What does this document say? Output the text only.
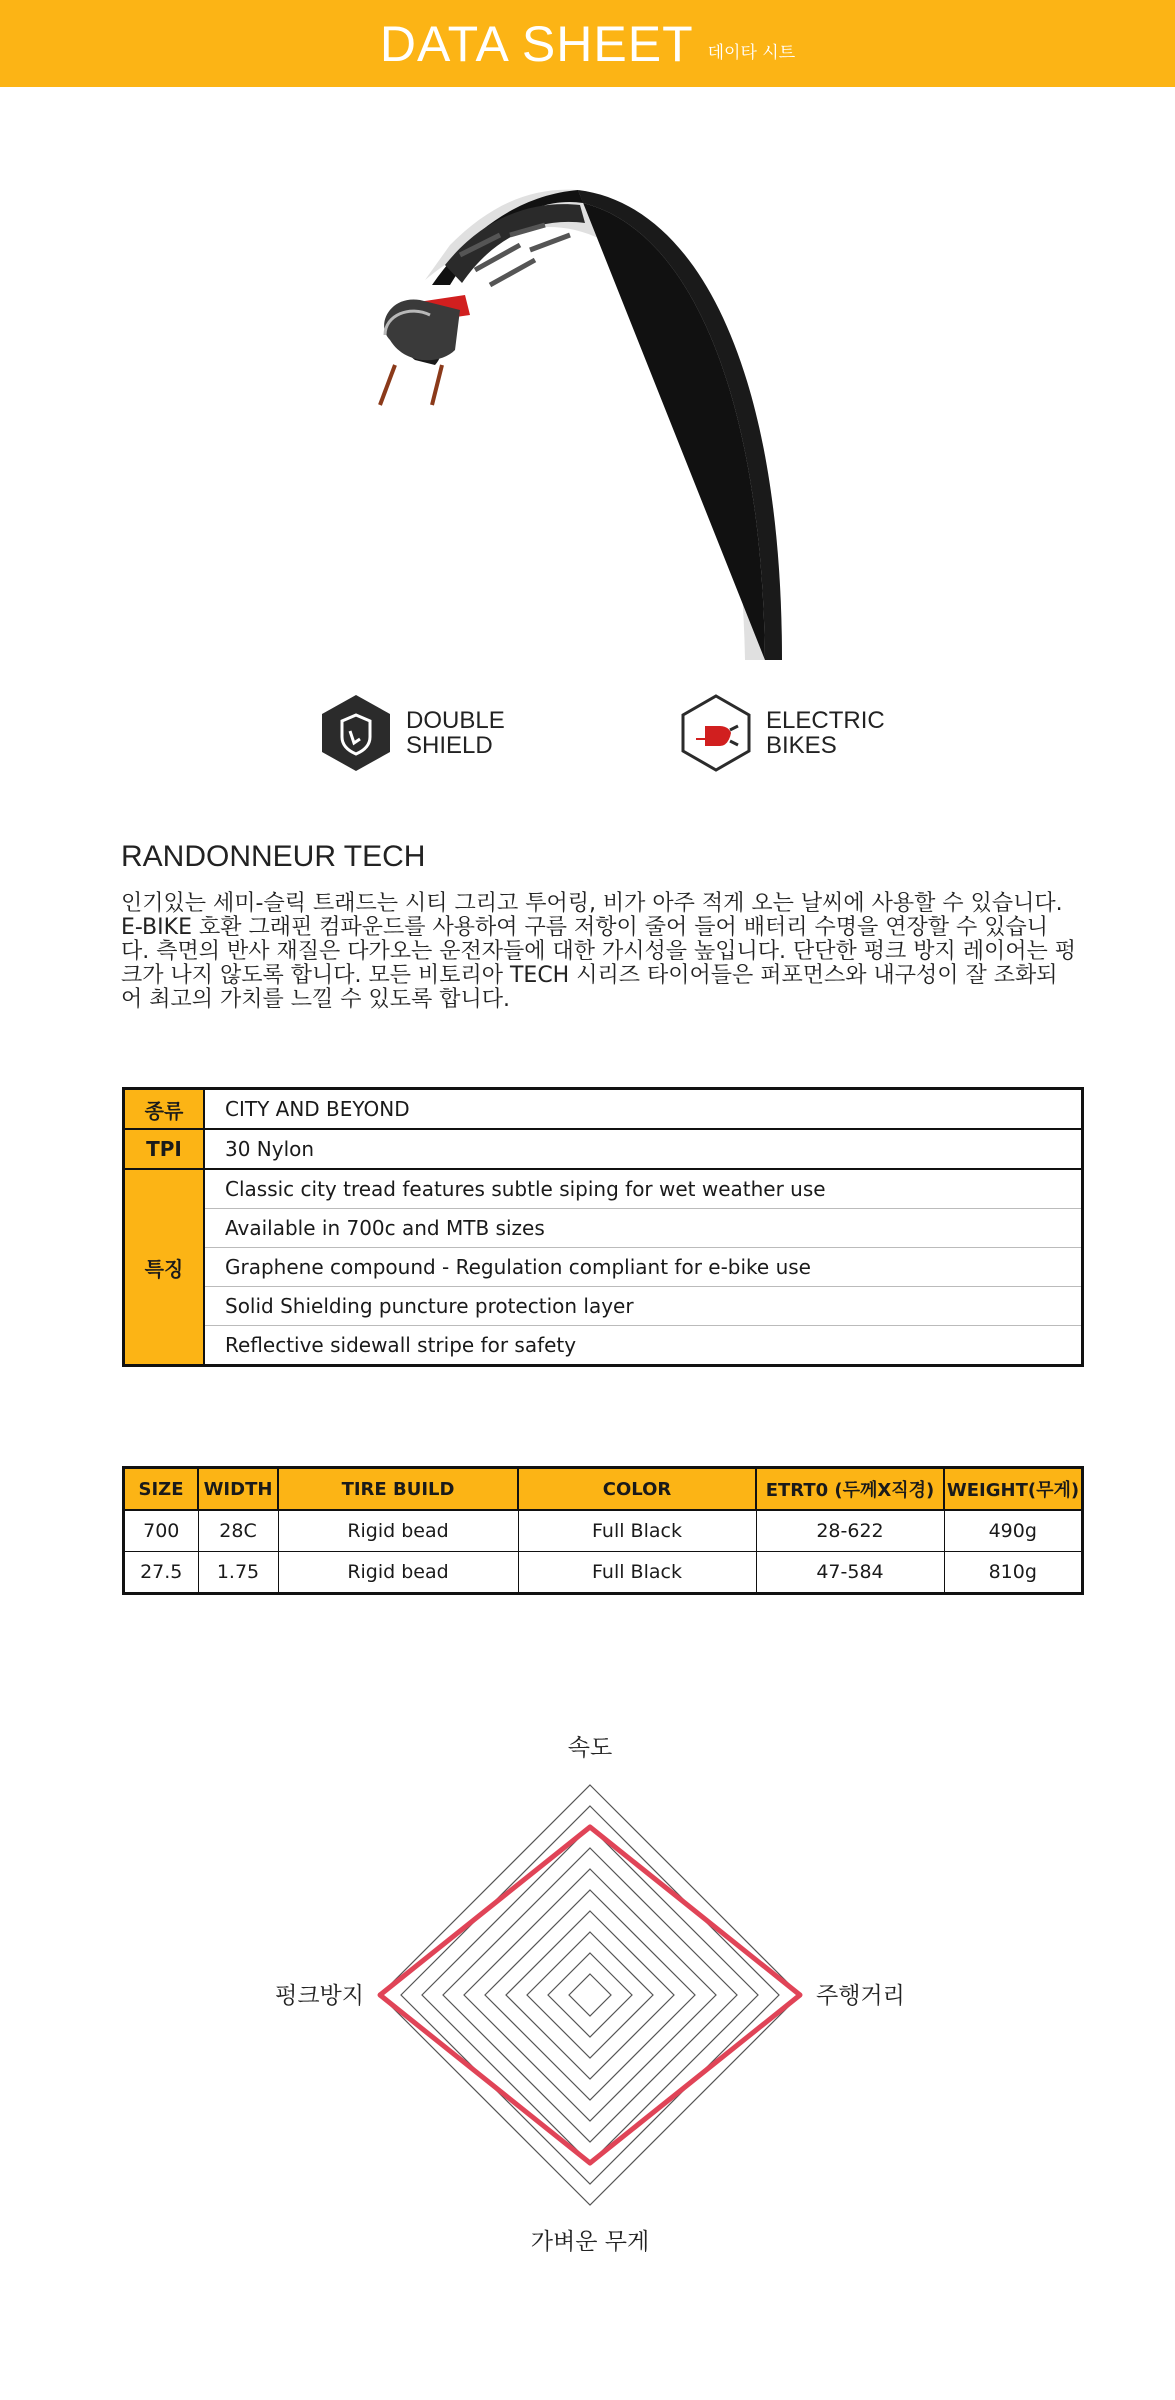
DATA SHEET 데이타 시트
DOUBLE
SHIELD
ELECTRIC
BIKES
RANDONNEUR TECH
인기있는 세미-슬릭 트래드는 시티 그리고 투어링, 비가 아주 적게 오는 날씨에 사용할 수 있습니다. E-BIKE 호환 그래핀 컴파운드를 사용하여 구름 저항이 줄어 들어 배터리 수명을 연장할 수 있습니다. 측면의 반사 재질은 다가오는 운전자들에 대한 가시성을 높입니다. 단단한 펑크 방지 레이어는 펑크가 나지 않도록 합니다. 모든 비토리아 TECH 시리즈 타이어들은 퍼포먼스와 내구성이 잘 조화되어 최고의 가치를 느낄 수 있도록 합니다.
종류	CITY AND BEYOND
TPI	30 Nylon
특징	Classic city tread features subtle siping for wet weather use
	Available in 700c and MTB sizes
	Graphene compound - Regulation compliant for e-bike use
	Solid Shielding puncture protection layer
	Reflective sidewall stripe for safety
SIZE	WIDTH	TIRE BUILD	COLOR	ETRT0 (두께X직경)	WEIGHT(무게)
700	28C	Rigid bead	Full Black	28-622	490g
27.5	1.75	Rigid bead	Full Black	47-584	810g
속도
주행거리
가벼운 무게
펑크방지
